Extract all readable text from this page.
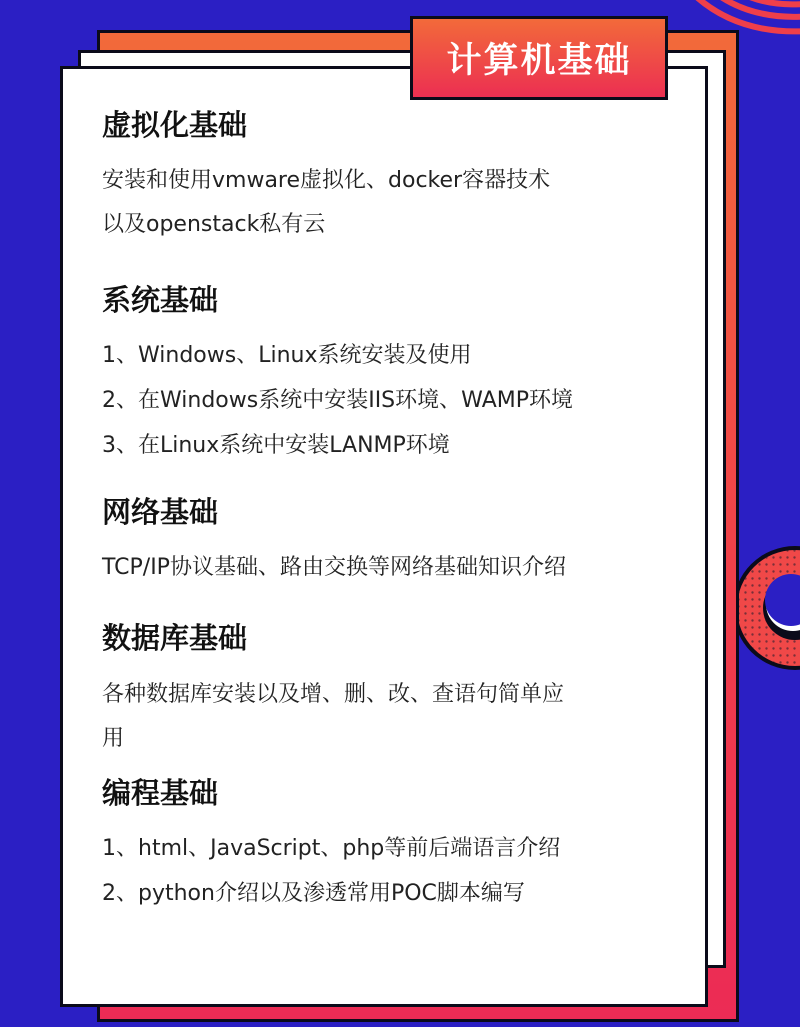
计算机基础
虚拟化基础
安装和使用vmware虚拟化、docker容器技术
以及openstack私有云
系统基础
1、Windows、Linux系统安装及使用
2、在Windows系统中安装IIS环境、WAMP环境
3、在Linux系统中安装LANMP环境
网络基础
TCP/IP协议基础、路由交换等网络基础知识介绍
数据库基础
各种数据库安装以及增、删、改、查语句简单应
用
编程基础
1、html、JavaScript、php等前后端语言介绍
2、python介绍以及渗透常用POC脚本编写
